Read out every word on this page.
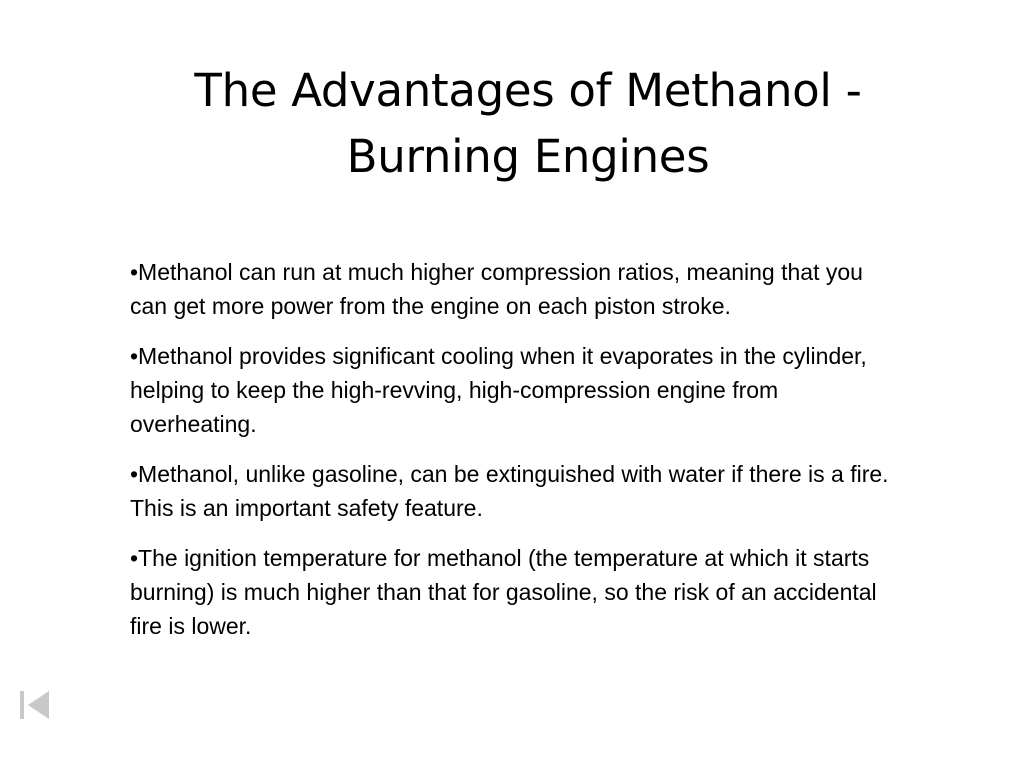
The Advantages of Methanol - Burning Engines
•Methanol can run at much higher compression ratios, meaning that you can get more power from the engine on each piston stroke.
•Methanol provides significant cooling when it evaporates in the cylinder, helping to keep the high-revving, high-compression engine from overheating.
•Methanol, unlike gasoline, can be extinguished with water if there is a fire. This is an important safety feature.
•The ignition temperature for methanol (the temperature at which it starts burning) is much higher than that for gasoline, so the risk of an accidental fire is lower.
